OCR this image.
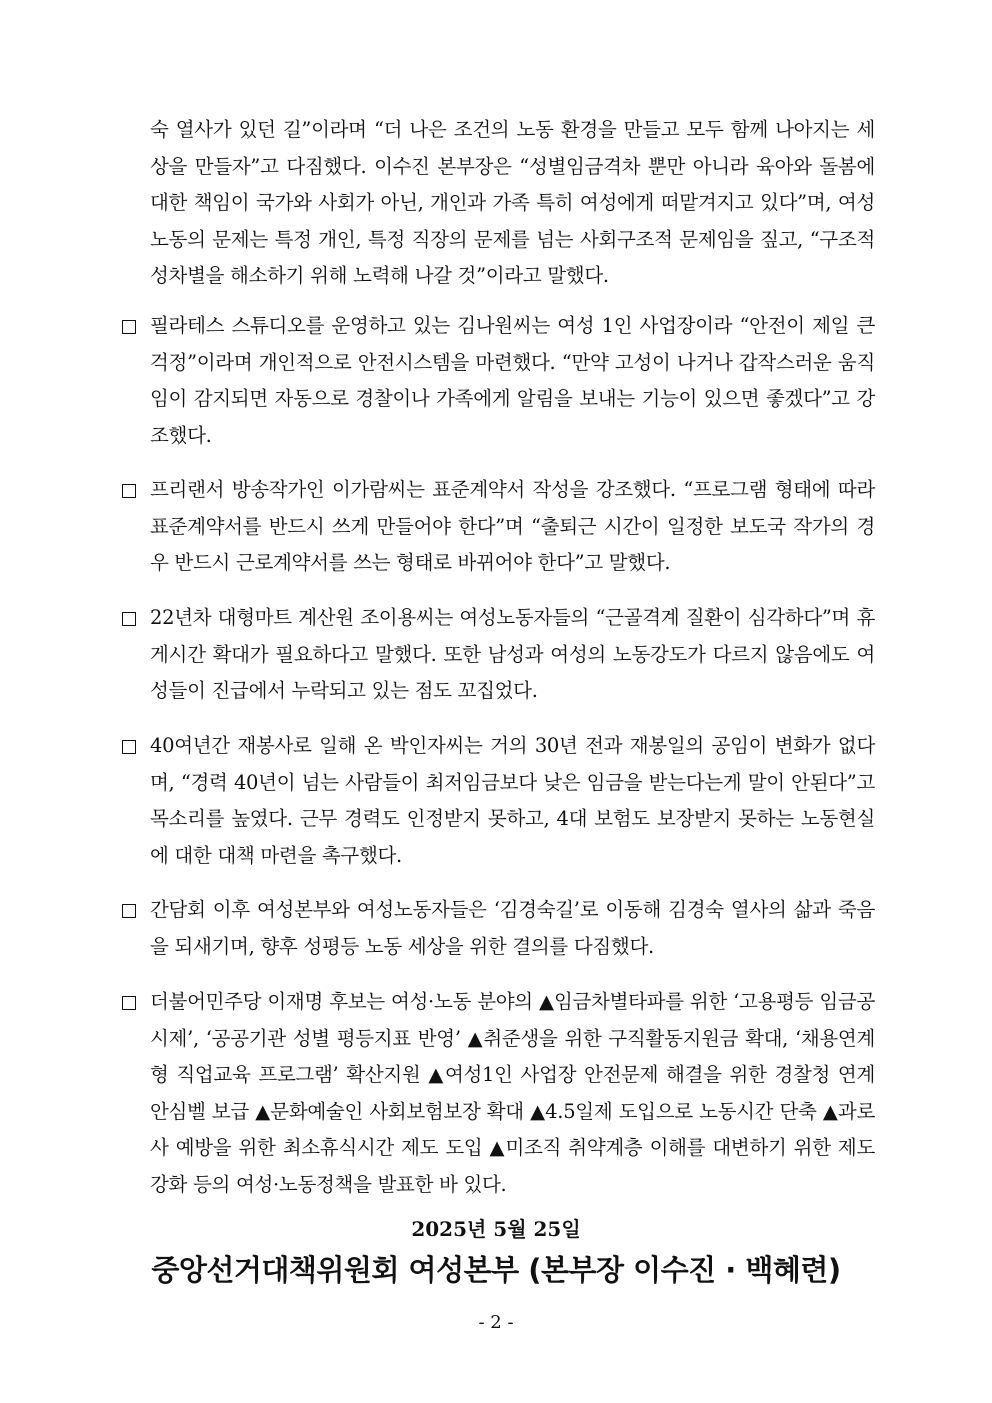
숙 열사가 있던 길”이라며 “더 나은 조건의 노동 환경을 만들고 모두 함께 나아지는 세상을 만들자”고 다짐했다. 이수진 본부장은 “성별임금격차 뿐만 아니라 육아와 돌봄에 대한 책임이 국가와 사회가 아닌, 개인과 가족 특히 여성에게 떠맡겨지고 있다”며, 여성노동의 문제는 특정 개인, 특정 직장의 문제를 넘는 사회구조적 문제임을 짚고, “구조적 성차별을 해소하기 위해 노력해 나갈 것”이라고 말했다.
필라테스 스튜디오를 운영하고 있는 김나원씨는 여성 1인 사업장이라 “안전이 제일 큰 걱정”이라며 개인적으로 안전시스템을 마련했다. “만약 고성이 나거나 갑작스러운 움직임이 감지되면 자동으로 경찰이나 가족에게 알림을 보내는 기능이 있으면 좋겠다”고 강조했다.
프리랜서 방송작가인 이가람씨는 표준계약서 작성을 강조했다. “프로그램 형태에 따라 표준계약서를 반드시 쓰게 만들어야 한다”며 “출퇴근 시간이 일정한 보도국 작가의 경우 반드시 근로계약서를 쓰는 형태로 바뀌어야 한다”고 말했다.
22년차 대형마트 계산원 조이용씨는 여성노동자들의 “근골격계 질환이 심각하다”며 휴게시간 확대가 필요하다고 말했다. 또한 남성과 여성의 노동강도가 다르지 않음에도 여성들이 진급에서 누락되고 있는 점도 꼬집었다.
40여년간 재봉사로 일해 온 박인자씨는 거의 30년 전과 재봉일의 공임이 변화가 없다며, “경력 40년이 넘는 사람들이 최저임금보다 낮은 임금을 받는다는게 말이 안된다”고 목소리를 높였다. 근무 경력도 인정받지 못하고, 4대 보험도 보장받지 못하는 노동현실에 대한 대책 마련을 촉구했다.
간담회 이후 여성본부와 여성노동자들은 ‘김경숙길’로 이동해 김경숙 열사의 삶과 죽음을 되새기며, 향후 성평등 노동 세상을 위한 결의를 다짐했다.
더불어민주당 이재명 후보는 여성·노동 분야의 ▲임금차별타파를 위한 ‘고용평등 임금공시제’, ‘공공기관 성별 평등지표 반영’ ▲취준생을 위한 구직활동지원금 확대, ‘채용연계형 직업교육 프로그램’ 확산지원 ▲여성1인 사업장 안전문제 해결을 위한 경찰청 연계 안심벨 보급 ▲문화예술인 사회보험보장 확대 ▲4.5일제 도입으로 노동시간 단축 ▲과로사 예방을 위한 최소휴식시간 제도 도입 ▲미조직 취약계층 이해를 대변하기 위한 제도 강화 등의 여성·노동정책을 발표한 바 있다.
2025년 5월 25일
중앙선거대책위원회 여성본부 (본부장 이수진 · 백혜련)
- 2 -
